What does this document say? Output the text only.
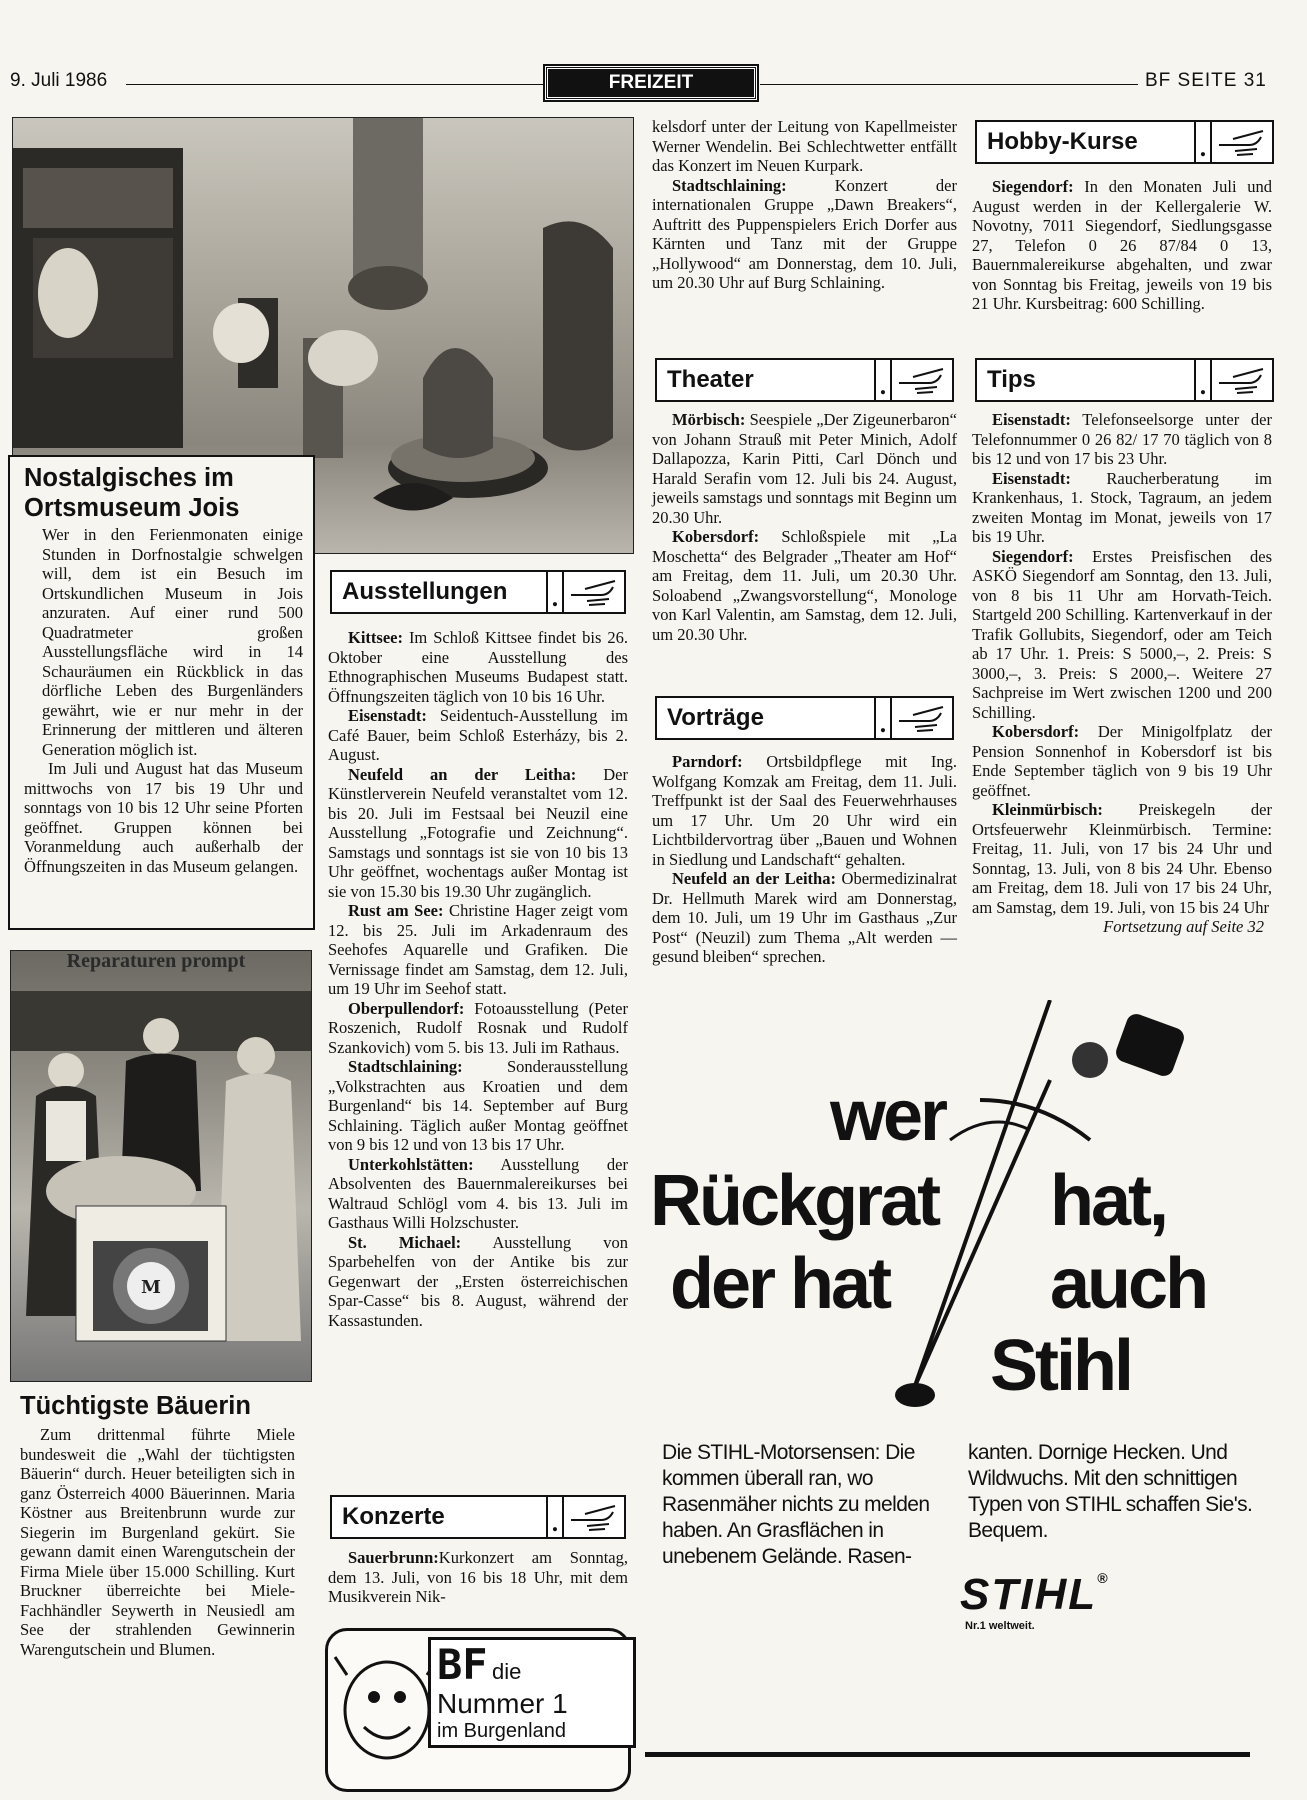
9. Juli 1986	FREIZEIT	BF SEITE 31
Nostalgisches im Ortsmuseum Jois

Wer in den Ferienmonaten einige Stunden in Dorfnostalgie schwelgen will, dem ist ein Besuch im Ortskundlichen Museum in Jois anzuraten. Auf einer rund 500 Quadratmeter großen Ausstellungsfläche wird in 14 Schauräumen ein Rückblick in das dörfliche Leben des Burgenländers gewährt, wie er nur mehr in der Erinnerung der mittleren und älteren Generation möglich ist.

Im Juli und August hat das Museum mittwochs von 17 bis 19 Uhr und sonntags von 10 bis 12 Uhr seine Pforten geöffnet. Gruppen können bei Voranmeldung auch außerhalb der Öffnungszeiten in das Museum gelangen.

Reparaturen prompt
M
Tüchtigste Bäuerin
Zum drittenmal führte Miele bundesweit die „Wahl der tüchtigsten Bäuerin“ durch. Heuer beteiligten sich in ganz Österreich 4000 Bäuerinnen. Maria Köstner aus Breitenbrunn wurde zur Siegerin im Burgenland gekürt. Sie gewann damit einen Warengutschein der Firma Miele über 15.000 Schilling. Kurt Bruckner überreichte bei Miele-Fachhändler Seywerth in Neusiedl am See der strahlenden Gewinnerin Warengutschein und Blumen.
Ausstellungen	.

Kittsee: Im Schloß Kittsee findet bis 26. Oktober eine Ausstellung des Ethnographischen Museums Budapest statt. Öffnungszeiten täglich von 10 bis 16 Uhr.

Eisenstadt: Seidentuch-Ausstellung im Café Bauer, beim Schloß Esterházy, bis 2. August.

Neufeld an der Leitha: Der Künstlerverein Neufeld veranstaltet vom 12. bis 20. Juli im Festsaal bei Neuzil eine Ausstellung „Fotografie und Zeichnung“. Samstags und sonntags ist sie von 10 bis 13 Uhr geöffnet, wochentags außer Montag ist sie von 15.30 bis 19.30 Uhr zugänglich.

Rust am See: Christine Hager zeigt vom 12. bis 25. Juli im Arkadenraum des Seehofes Aquarelle und Grafiken. Die Vernissage findet am Samstag, dem 12. Juli, um 19 Uhr im Seehof statt.

Oberpullendorf: Fotoausstellung (Peter Roszenich, Rudolf Rosnak und Rudolf Szankovich) vom 5. bis 13. Juli im Rathaus.

Stadtschlaining: Sonderausstellung „Volkstrachten aus Kroatien und dem Burgenland“ bis 14. September auf Burg Schlaining. Täglich außer Montag geöffnet von 9 bis 12 und von 13 bis 17 Uhr.

Unterkohlstätten: Ausstellung der Absolventen des Bauernmalereikurses bei Waltraud Schlögl vom 4. bis 13. Juli im Gasthaus Willi Holzschuster.

St. Michael: Ausstellung von Sparbehelfen von der Antike bis zur Gegenwart der „Ersten österreichischen Spar-Casse“ bis 8. August, während der Kassastunden.

Konzerte	.

Sauerbrunn:Kurkonzert am Sonntag, dem 13. Juli, von 16 bis 18 Uhr, mit dem Musikverein Nik-

kelsdorf unter der Leitung von Kapellmeister Werner Wendelin. Bei Schlechtwetter entfällt das Konzert im Neuen Kurpark.

Stadtschlaining: Konzert der internationalen Gruppe „Dawn Breakers“, Auftritt des Puppenspielers Erich Dorfer aus Kärnten und Tanz mit der Gruppe „Hollywood“ am Donnerstag, dem 10. Juli, um 20.30 Uhr auf Burg Schlaining.

BF die
Nummer 1
im Burgenland
Theater	.

Mörbisch: Seespiele „Der Zigeunerbaron“ von Johann Strauß mit Peter Minich, Adolf Dallapozza, Karin Pitti, Carl Dönch und Harald Serafin vom 12. Juli bis 24. August, jeweils samstags und sonntags mit Beginn um 20.30 Uhr.

Kobersdorf: Schloßspiele mit „La Moschetta“ des Belgrader „Theater am Hof“ am Freitag, dem 11. Juli, um 20.30 Uhr. Soloabend „Zwangsvorstellung“, Monologe von Karl Valentin, am Samstag, dem 12. Juli, um 20.30 Uhr.

Vorträge	.

Parndorf: Ortsbildpflege mit Ing. Wolfgang Komzak am Freitag, dem 11. Juli. Treffpunkt ist der Saal des Feuerwehrhauses um 17 Uhr. Um 20 Uhr wird ein Lichtbildervortrag über „Bauen und Wohnen in Siedlung und Landschaft“ gehalten.

Neufeld an der Leitha: Obermedizinalrat Dr. Hellmuth Marek wird am Donnerstag, dem 10. Juli, um 19 Uhr im Gasthaus „Zur Post“ (Neuzil) zum Thema „Alt werden — gesund bleiben“ sprechen.

Hobby-Kurse	.

Siegendorf: In den Monaten Juli und August werden in der Kellergalerie W. Novotny, 7011 Siegendorf, Siedlungsgasse 27, Telefon 0 26 87/84 0 13, Bauernmalereikurse abgehalten, und zwar von Sonntag bis Freitag, jeweils von 19 bis 21 Uhr. Kursbeitrag: 600 Schilling.

Tips	.

Eisenstadt: Telefonseelsorge unter der Telefonnummer 0 26 82/ 17 70 täglich von 8 bis 12 und von 17 bis 23 Uhr.

Eisenstadt: Raucherberatung im Krankenhaus, 1. Stock, Tagraum, an jedem zweiten Montag im Monat, jeweils von 17 bis 19 Uhr.

Siegendorf: Erstes Preisfischen des ASKÖ Siegendorf am Sonntag, den 13. Juli, von 8 bis 11 Uhr am Horvath-Teich. Startgeld 200 Schilling. Kartenverkauf in der Trafik Gollubits, Siegendorf, oder am Teich ab 17 Uhr. 1. Preis: S 5000,–, 2. Preis: S 3000,–, 3. Preis: S 2000,–. Weitere 27 Sachpreise im Wert zwischen 1200 und 200 Schilling.

Kobersdorf: Der Minigolfplatz der Pension Sonnenhof in Kobersdorf ist bis Ende September täglich von 9 bis 19 Uhr geöffnet.

Kleinmürbisch: Preiskegeln der Ortsfeuerwehr Kleinmürbisch. Termine: Freitag, 11. Juli, von 17 bis 24 Uhr und Sonntag, 13. Juli, von 8 bis 24 Uhr. Ebenso am Freitag, dem 18. Juli von 17 bis 24 Uhr, am Samstag, dem 19. Juli, von 15 bis 24 Uhr

Fortsetzung auf Seite 32

wer
Rückgrat hat,
der hat auch
Stihl
Die STIHL-Motorsensen: Die kommen überall ran, wo Rasenmäher nichts zu melden haben. An Grasflächen in unebenem Gelände. Rasen-
kanten. Dornige Hecken. Und Wildwuchs. Mit den schnittigen Typen von STIHL schaffen Sie's. Bequem.
STIHL®
Nr.1 weltweit.
